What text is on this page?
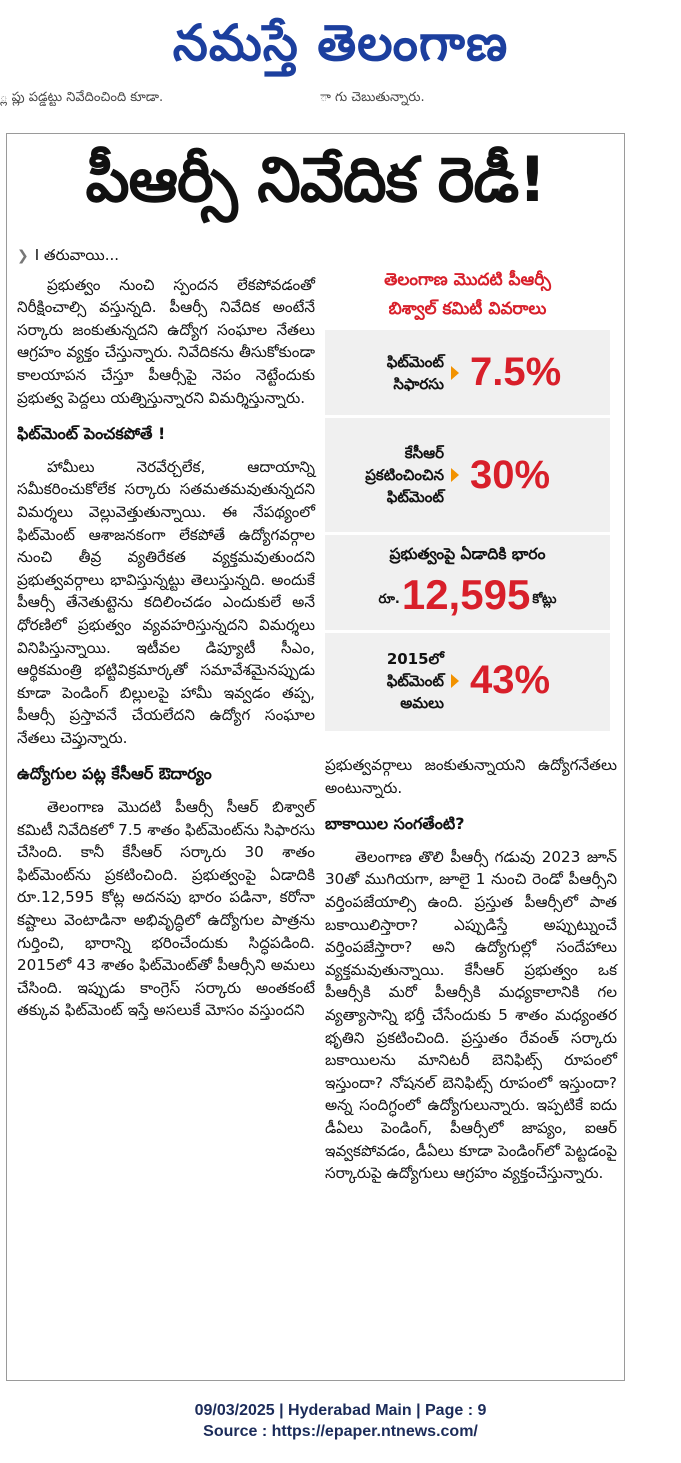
నమస్తే తెలంగాణ
్ల ప్లు పడ్డట్టు నివేదించింది కూడా.	ా గు చెబుతున్నారు.
పీఆర్సీ నివేదిక రెడీ!
❯ I తరువాయి...

ప్రభుత్వం నుంచి స్పందన లేకపోవడంతో నిరీక్షించాల్సి వస్తున్నది. పీఆర్సీ నివేదిక అంటేనే సర్కారు జంకుతున్నదని ఉద్యోగ సంఘాల నేతలు ఆగ్రహం వ్యక్తం చేస్తున్నారు. నివేదికను తీసుకోకుండా కాలయాపన చేస్తూ పీఆర్సీపై నెపం నెట్టేందుకు ప్రభుత్వ పెద్దలు యత్నిస్తున్నారని విమర్శిస్తున్నారు.

ఫిట్‌మెంట్ పెంచకపోతే !

హామీలు నెరవేర్చలేక, ఆదాయాన్ని సమీకరించుకోలేక సర్కారు సతమతమవుతున్నదని విమర్శలు వెల్లువెత్తుతున్నాయి. ఈ నేపథ్యంలో ఫిట్‌మెంట్ ఆశాజనకంగా లేకపోతే ఉద్యోగవర్గాల నుంచి తీవ్ర వ్యతిరేకత వ్యక్తమవుతుందని ప్రభుత్వవర్గాలు భావిస్తున్నట్టు తెలుస్తున్నది. అందుకే పీఆర్సీ తేనెతుట్టెను కదిలించడం ఎందుకులే అనే ధోరణిలో ప్రభుత్వం వ్యవహరిస్తున్నదని విమర్శలు వినిపిస్తున్నాయి. ఇటీవల డిప్యూటీ సీఎం, ఆర్థికమంత్రి భట్టివిక్రమార్కతో సమావేశమైనప్పుడు కూడా పెండింగ్ బిల్లులపై హామీ ఇవ్వడం తప్ప, పీఆర్సీ ప్రస్తావనే చేయలేదని ఉద్యోగ సంఘాల నేతలు చెప్తున్నారు.

ఉద్యోగుల పట్ల కేసీఆర్ ఔదార్యం

తెలంగాణ మొదటి పీఆర్సీ సీఆర్ బిశ్వాల్ కమిటీ నివేదికలో 7.5 శాతం ఫిట్‌మెంట్‌ను సిఫారసు చేసింది. కానీ కేసీఆర్ సర్కారు 30 శాతం ఫిట్‌మెంట్‌ను ప్రకటించింది. ప్రభుత్వంపై ఏడాదికి రూ.12,595 కోట్ల అదనపు భారం పడినా, కరోనా కష్టాలు వెంటాడినా అభివృద్ధిలో ఉద్యోగుల పాత్రను గుర్తించి, భారాన్ని భరించేందుకు సిద్ధపడింది. 2015లో 43 శాతం ఫిట్‌మెంట్‌తో పీఆర్సీని అమలు చేసింది. ఇప్పుడు కాంగ్రెస్ సర్కారు అంతకంటే తక్కువ ఫిట్‌మెంట్ ఇస్తే అసలుకే మోసం వస్తుందని

తెలంగాణ మొదటి పీఆర్సీ
బిశ్వాల్ కమిటీ వివరాలు
ఫిట్‌మెంట్
సిఫారసు 7.5%
కేసీఆర్
ప్రకటించించిన
ఫిట్‌మెంట్
30%
ప్రభుత్వంపై ఏడాదికి భారం
రూ.12,595 కోట్లు
2015లో
ఫిట్‌మెంట్
అమలు
43%

ప్రభుత్వవర్గాలు జంకుతున్నాయని ఉద్యోగనేతలు అంటున్నారు.

బాకాయిల సంగతేంటి?

తెలంగాణ తొలి పీఆర్సీ గడువు 2023 జూన్ 30తో ముగియగా, జూలై 1 నుంచి రెండో పీఆర్సీని వర్తింపజేయాల్సి ఉంది. ప్రస్తుత పీఆర్సీలో పాత బకాయిలిస్తారా? ఎప్పుడిస్తే అప్పుట్నుంచే వర్తింపజేస్తారా? అని ఉద్యోగుల్లో సందేహాలు వ్యక్తమవుతున్నాయి. కేసీఆర్ ప్రభుత్వం ఒక పీఆర్సీకి మరో పీఆర్సీకి మధ్యకాలానికి గల వ్యత్యాసాన్ని భర్తీ చేసేందుకు 5 శాతం మధ్యంతర భృతిని ప్రకటించింది. ప్రస్తుతం రేవంత్ సర్కారు బకాయిలను మానిటరీ బెనిఫిట్స్ రూపంలో ఇస్తుందా? నోషనల్ బెనిఫిట్స్ రూపంలో ఇస్తుందా? అన్న సందిగ్ధంలో ఉద్యోగులున్నారు. ఇప్పటికే ఐదు డీఏలు పెండింగ్, పీఆర్సీలో జాప్యం, ఐఆర్ ఇవ్వకపోవడం, డీఏలు కూడా పెండింగ్‌లో పెట్టడంపై సర్కారుపై ఉద్యోగులు ఆగ్రహం వ్యక్తంచేస్తున్నారు.

09/03/2025 | Hyderabad Main | Page : 9
Source : https://epaper.ntnews.com/
